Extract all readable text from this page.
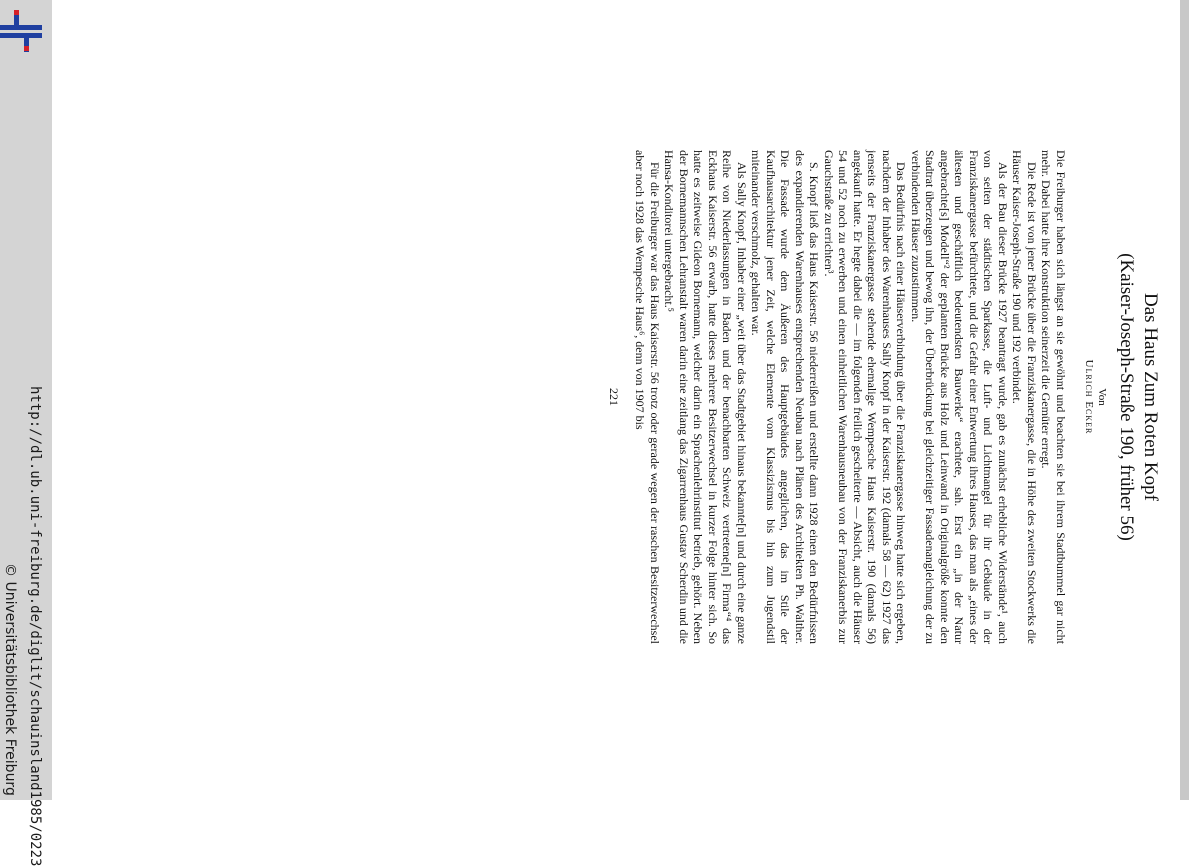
http://dl.ub.uni-freiburg.de/diglit/schauinsland1985/0223
© Universitätsbibliothek Freiburg
Das Haus Zum Roten Kopf
(Kaiser-Joseph-Straße 190, früher 56)
Von
Ulrich Ecker

Die Freiburger haben sich längst an sie gewöhnt und beachten sie bei ihrem Stadtbummel gar nicht mehr. Dabei hatte ihre Konstruktion seinerzeit die Gemüter erregt.

Die Rede ist von jener Brücke über die Franziskanergasse, die in Höhe des zweiten Stockwerks die Häuser Kaiser-Joseph-Straße 190 und 192 verbindet.

Als der Bau dieser Brücke 1927 beantragt wurde, gab es zunächst erhebliche Widerstände¹, auch von seiten der städtischen Sparkasse, die Luft- und Lichtmangel für ihr Gebäude in der Franziskanergasse befürchtete, und die Gefahr einer Entwertung ihres Hauses, das man als „eines der ältesten und geschäftlich bedeutendsten Bauwerke“ erachtete, sah. Erst ein „in der Natur angebrachte[s] Modell“² der geplanten Brücke aus Holz und Leinwand in Originalgröße konnte den Stadtrat überzeugen und bewog ihn, der Überbrückung bei gleichzeitiger Fassadenangleichung der zu verbindenden Häuser zuzustimmen.

Das Bedürfnis nach einer Häuserverbindung über die Franziskanergasse hinweg hatte sich ergeben, nachdem der Inhaber des Warenhauses Sally Knopf in der Kaiserstr. 192 (damals 58 — 62) 1927 das jenseits der Franziskanergasse stehende ehemalige Wempesche Haus Kaiserstr. 190 (damals 56) angekauft hatte. Er hegte dabei die — im folgenden freilich gescheiterte — Absicht, auch die Häuser 54 und 52 noch zu erwerben und einen einheitlichen Warenhausneubau von der Franziskanerbis zur Gauchstraße zu errichten³.

S. Knopf ließ das Haus Kaiserstr. 56 niederreißen und erstellte dann 1928 einen den Bedürfnissen des expandierenden Warenhauses entsprechenden Neubau nach Plänen des Architekten Ph. Walther. Die Fassade wurde dem Äußeren des Hauptgebäudes angeglichen, das im Stile der Kaufhausarchitektur jener Zeit, welche Elemente vom Klassizismus bis hin zum Jugendstil miteinander verschmolz, gehalten war.

Als Sally Knopf, Inhaber einer „weit über das Stadtgebiet hinaus bekannte[n] und durch eine ganze Reihe von Niederlassungen in Baden und der benachbarten Schweiz vertretene[n] Firma“⁴ das Eckhaus Kaiserstr. 56 erwarb, hatte dieses mehrere Besitzerwechsel in kurzer Folge hinter sich. So hatte es zeitweise Gideon Bornemann, welcher darin ein Sprachenlehrinstitut betrieb, gehört. Neben der Bornemannschen Lehranstalt waren darin eine zeitlang das Zigarrenhaus Gustav Scherdin und die Hansa-Konditorei untergebracht.⁵

Für die Freiburger war das Haus Kaiserstr. 56 trotz oder gerade wegen der raschen Besitzerwechsel aber noch 1928 das Wempesche Haus⁶, denn von 1907 bis

221
